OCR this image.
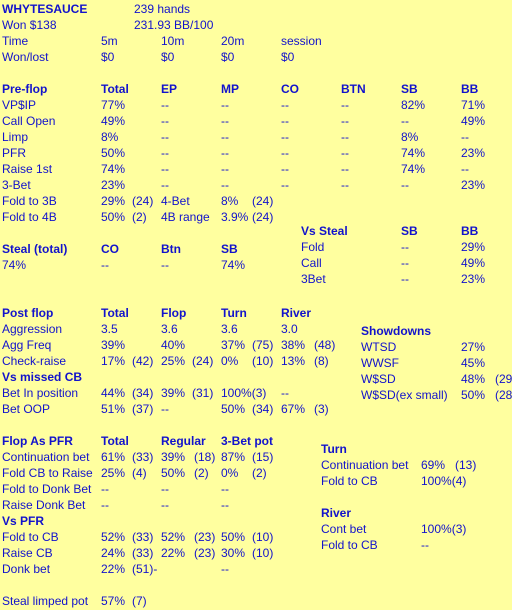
WHYTESAUCE	239 hands
Won $138	231.93 BB/100
Time	5m	10m	20m	session
Won/lost	$0	$0	$0	$0
Pre-flop	Total	EP	MP	CO	BTN	SB	BB
VP$IP	77%	--	--	--	--	82%	71%
Call Open	49%	--	--	--	--	--	49%
Limp	8%	--	--	--	--	8%	--
PFR	50%	--	--	--	--	74%	23%
Raise 1st	74%	--	--	--	--	74%	--
3-Bet	23%	--	--	--	--	--	23%
Fold to 3B	29% (24) 4-Bet	8% (24)
Fold to 4B	50% (2) 4B range 3.9% (24)
Vs Steal	SB	BB
Fold	--	29%
Call	--	49%
3Bet	--	23%
Steal (total)	CO	Btn	SB
74%	--	--	74%
Post flop	Total	Flop	Turn	River
Aggression	3.5	3.6	3.6	3.0
Agg Freq	39%	40%	37% (75) 38% (48)
Check-raise	17% (42) 25% (24) 0% (10) 13% (8)
Vs missed CB
Bet In position 44% (34) 39% (31) 100%(3) --
Bet OOP	51% (37) --	50% (34) 67% (3)
Showdowns
WTSD	27%
WWSF	45%
W$SD	48% (29
W$SD(ex small) 50% (28
Flop As PFR Total	Regular 3-Bet pot
Continuation bet 61% (33) 39% (18) 87% (15)
Fold CB to Raise 25% (4) 50% (2) 0% (2)
Fold to Donk Bet --	--	--
Raise Donk Bet --	--	--
Vs PFR
Fold to CB	52% (33) 52% (23) 50% (10)
Raise CB	24% (33) 22% (23) 30% (10)
Donk bet	22% (51)-	--
Turn
Continuation bet 69% (13)
Fold to CB	100%(4)
River
Cont bet	100%(3)
Fold to CB	--
Steal limped pot 57% (7)
